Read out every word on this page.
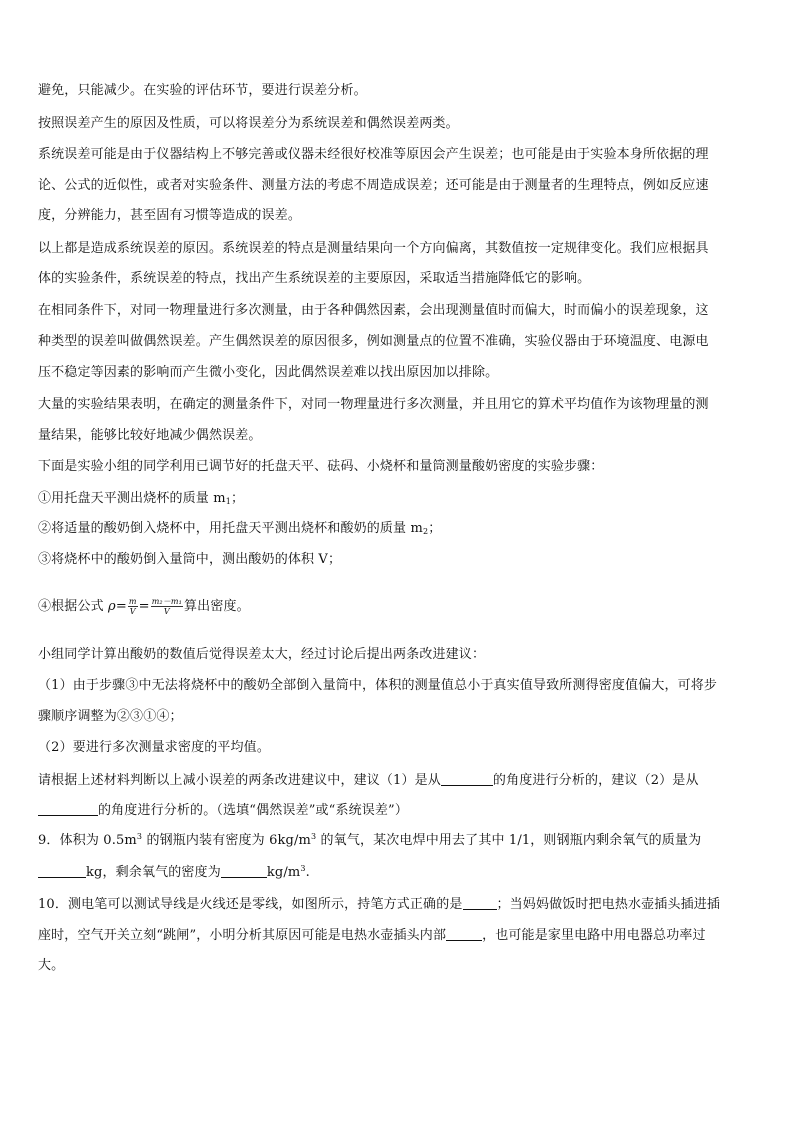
避免，只能减少。在实验的评估环节，要进行误差分析。
按照误差产生的原因及性质，可以将误差分为系统误差和偶然误差两类。
系统误差可能是由于仪器结构上不够完善或仪器未经很好校准等原因会产生误差；也可能是由于实验本身所依据的理
论、公式的近似性，或者对实验条件、测量方法的考虑不周造成误差；还可能是由于测量者的生理特点，例如反应速
度，分辨能力，甚至固有习惯等造成的误差。
以上都是造成系统误差的原因。系统误差的特点是测量结果向一个方向偏离，其数值按一定规律变化。我们应根据具
体的实验条件，系统误差的特点，找出产生系统误差的主要原因，采取适当措施降低它的影响。
在相同条件下，对同一物理量进行多次测量，由于各种偶然因素，会出现测量值时而偏大，时而偏小的误差现象，这
种类型的误差叫做偶然误差。产生偶然误差的原因很多，例如测量点的位置不准确，实验仪器由于环境温度、电源电
压不稳定等因素的影响而产生微小变化，因此偶然误差难以找出原因加以排除。
大量的实验结果表明，在确定的测量条件下，对同一物理量进行多次测量，并且用它的算术平均值作为该物理量的测
量结果，能够比较好地减少偶然误差。
下面是实验小组的同学利用已调节好的托盘天平、砝码、小烧杯和量筒测量酸奶密度的实验步骤：
①用托盘天平测出烧杯的质量 $m_1$；
②将适量的酸奶倒入烧杯中，用托盘天平测出烧杯和酸奶的质量 $m_2$；
③将烧杯中的酸奶倒入量筒中，测出酸奶的体积 V；
④根据公式 $\rho= \frac{m}{V} = \frac{\text{m₂－m₁}}{V}$ 算出密度。
小组同学计算出酸奶的数值后觉得误差太大，经过讨论后提出两条改进建议：
（1）由于步骤③中无法将烧杯中的酸奶全部倒入量筒中，体积的测量值总小于真实值导致所测得密度值偏大，可将步
骤顺序调整为②③①④；
（2）要进行多次测量求密度的平均值。
请根据上述材料判断以上减小误差的两条改进建议中，建议（1）是从	的角度进行分析的，建议（2）是从
的角度进行分析的。（选填“偶然误差”或“系统误差”）
9．体积为 $0.5m^3$ 的钢瓶内装有密度为 $6kg/m^3$ 的氧气，某次电焊中用去了其中 1/1，则钢瓶内剩余氧气的质量为
kg，剩余氧气的密度为	$kg/m^3$.
10．测电笔可以测试导线是火线还是零线，如图所示，持笔方式正确的是	；当妈妈做饭时把电热水壶插头插进插
座时，空气开关立刻“跳闸”，小明分析其原因可能是电热水壶插头内部	，也可能是家里电路中用电器总功率过
大。
